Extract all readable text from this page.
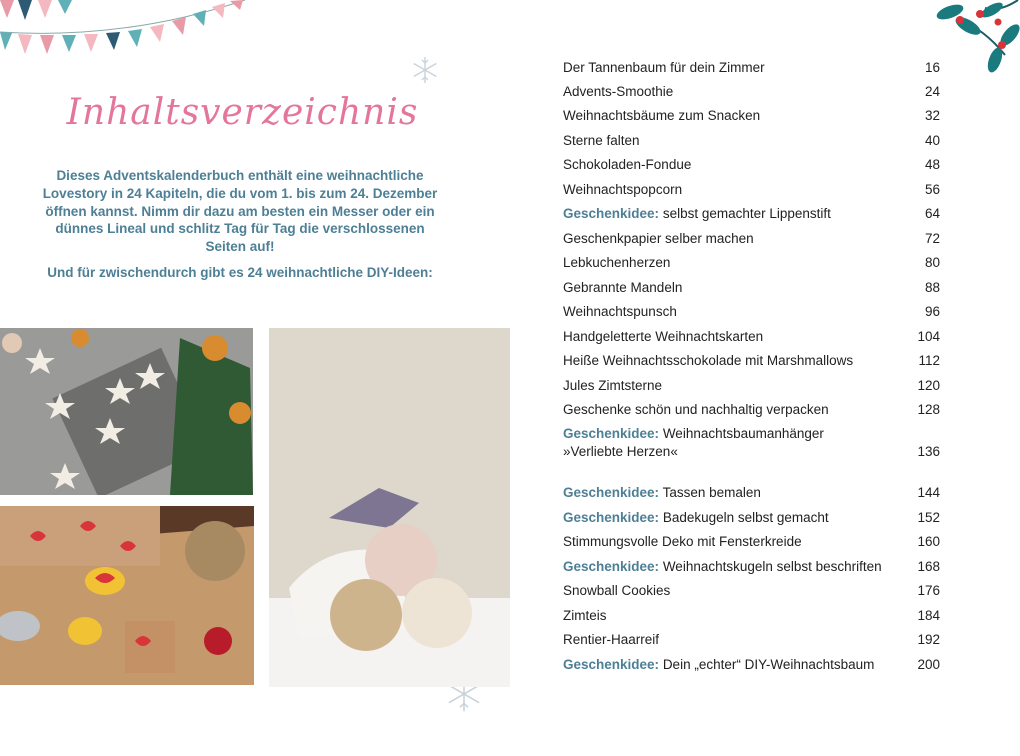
Inhaltsverzeichnis

Dieses Adventskalenderbuch enthält eine weihnachtliche Lovestory in 24 Kapiteln, die du vom 1. bis zum 24. Dezember öffnen kannst. Nimm dir dazu am besten ein Messer oder ein dünnes Lineal und schlitz Tag für Tag die verschlossenen Seiten auf!

Und für zwischendurch gibt es 24 weihnachtliche DIY-Ideen:

Der Tannenbaum für dein Zimmer	16
Advents-Smoothie	24
Weihnachtsbäume zum Snacken	32
Sterne falten	40
Schokoladen-Fondue	48
Weihnachtspopcorn	56
Geschenkidee: selbst gemachter Lippenstift	64
Geschenkpapier selber machen	72
Lebkuchenherzen	80
Gebrannte Mandeln	88
Weihnachtspunsch	96
Handgeletterte Weihnachtskarten	104
Heiße Weihnachtsschokolade mit Marshmallows	112
Jules Zimtsterne	120
Geschenke schön und nachhaltig verpacken	128
Geschenkidee: Weihnachtsbaumanhänger
»Verliebte Herzen«	136
Geschenkidee: Tassen bemalen	144
Geschenkidee: Badekugeln selbst gemacht	152
Stimmungsvolle Deko mit Fensterkreide	160
Geschenkidee: Weihnachtskugeln selbst beschriften	168
Snowball Cookies	176
Zimteis	184
Rentier-Haarreif	192
Geschenkidee: Dein „echter“ DIY-Weihnachtsbaum	200
